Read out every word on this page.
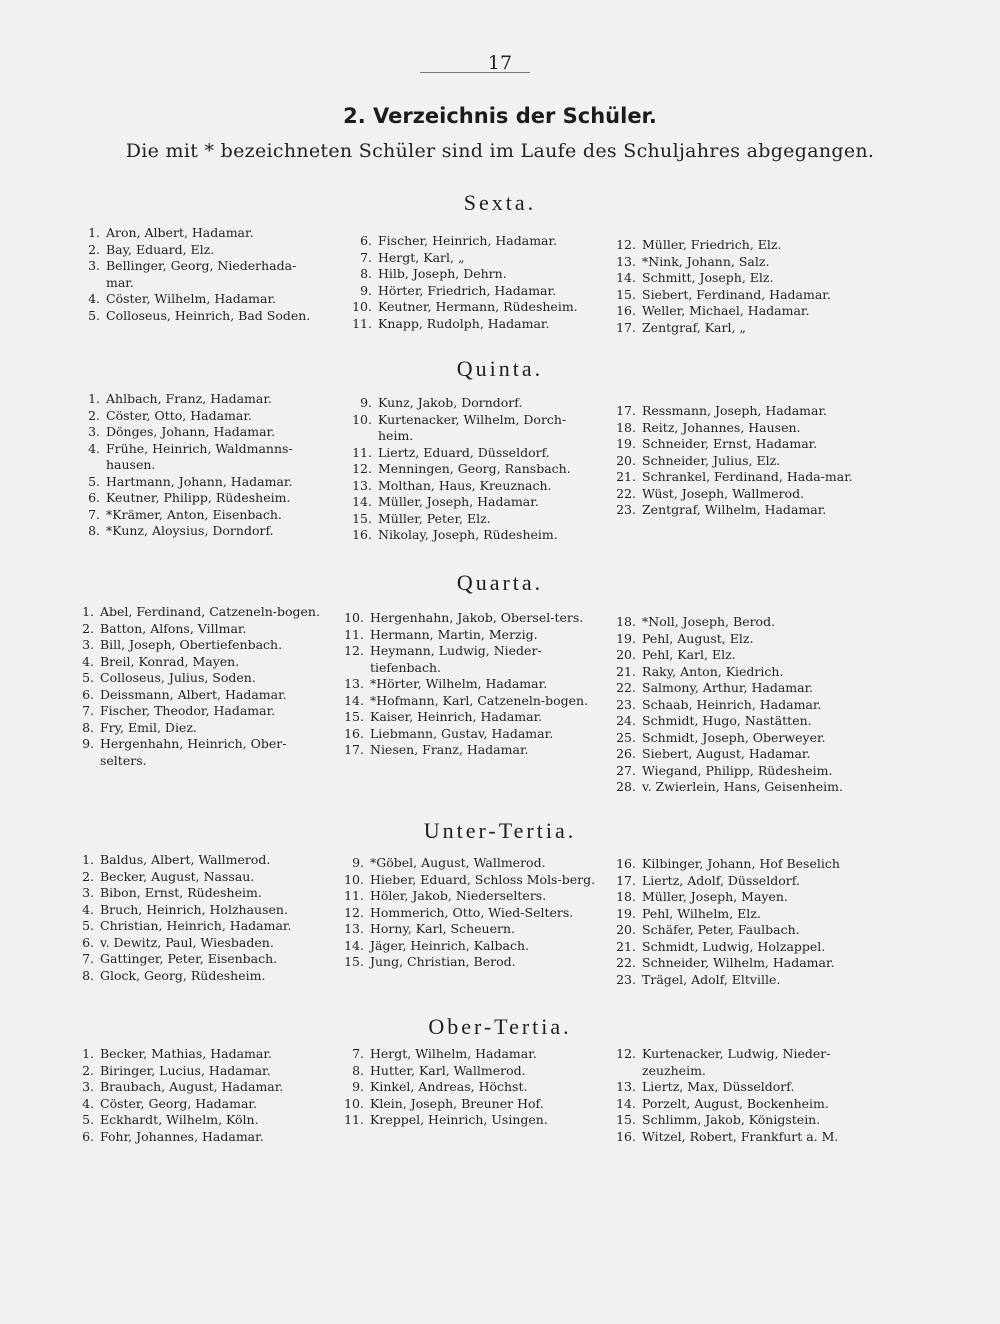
17
2. Verzeichnis der Schüler.
Die mit * bezeichneten Schüler sind im Laufe des Schuljahres abgegangen.
Sexta.
1. Aron, Albert, Hadamar.
2. Bay, Eduard, Elz.
3. Bellinger, Georg, Niederhada-mar.
4. Cöster, Wilhelm, Hadamar.
5. Colloseus, Heinrich, Bad Soden.
6. Fischer, Heinrich, Hadamar.
7. Hergt, Karl, „
8. Hilb, Joseph, Dehrn.
9. Hörter, Friedrich, Hadamar.
10. Keutner, Hermann, Rüdesheim.
11. Knapp, Rudolph, Hadamar.
12. Müller, Friedrich, Elz.
13. *Nink, Johann, Salz.
14. Schmitt, Joseph, Elz.
15. Siebert, Ferdinand, Hadamar.
16. Weller, Michael, Hadamar.
17. Zentgraf, Karl, „
Quinta.
1. Ahlbach, Franz, Hadamar.
2. Cöster, Otto, Hadamar.
3. Dönges, Johann, Hadamar.
4. Frühe, Heinrich, Waldmanns-hausen.
5. Hartmann, Johann, Hadamar.
6. Keutner, Philipp, Rüdesheim.
7. *Krämer, Anton, Eisenbach.
8. *Kunz, Aloysius, Dorndorf.
9. Kunz, Jakob, Dorndorf.
10. Kurtenacker, Wilhelm, Dorch-heim.
11. Liertz, Eduard, Düsseldorf.
12. Menningen, Georg, Ransbach.
13. Molthan, Haus, Kreuznach.
14. Müller, Joseph, Hadamar.
15. Müller, Peter, Elz.
16. Nikolay, Joseph, Rüdesheim.
17. Ressmann, Joseph, Hadamar.
18. Reitz, Johannes, Hausen.
19. Schneider, Ernst, Hadamar.
20. Schneider, Julius, Elz.
21. Schrankel, Ferdinand, Hada-mar.
22. Wüst, Joseph, Wallmerod.
23. Zentgraf, Wilhelm, Hadamar.
Quarta.
1. Abel, Ferdinand, Catzeneln-bogen.
2. Batton, Alfons, Villmar.
3. Bill, Joseph, Obertiefenbach.
4. Breil, Konrad, Mayen.
5. Colloseus, Julius, Soden.
6. Deissmann, Albert, Hadamar.
7. Fischer, Theodor, Hadamar.
8. Fry, Emil, Diez.
9. Hergenhahn, Heinrich, Ober-selters.
10. Hergenhahn, Jakob, Obersel-ters.
11. Hermann, Martin, Merzig.
12. Heymann, Ludwig, Nieder-tiefenbach.
13. *Hörter, Wilhelm, Hadamar.
14. *Hofmann, Karl, Catzeneln-bogen.
15. Kaiser, Heinrich, Hadamar.
16. Liebmann, Gustav, Hadamar.
17. Niesen, Franz, Hadamar.
18. *Noll, Joseph, Berod.
19. Pehl, August, Elz.
20. Pehl, Karl, Elz.
21. Raky, Anton, Kiedrich.
22. Salmony, Arthur, Hadamar.
23. Schaab, Heinrich, Hadamar.
24. Schmidt, Hugo, Nastätten.
25. Schmidt, Joseph, Oberweyer.
26. Siebert, August, Hadamar.
27. Wiegand, Philipp, Rüdesheim.
28. v. Zwierlein, Hans, Geisenheim.
Unter-Tertia.
1. Baldus, Albert, Wallmerod.
2. Becker, August, Nassau.
3. Bibon, Ernst, Rüdesheim.
4. Bruch, Heinrich, Holzhausen.
5. Christian, Heinrich, Hadamar.
6. v. Dewitz, Paul, Wiesbaden.
7. Gattinger, Peter, Eisenbach.
8. Glock, Georg, Rüdesheim.
9. *Göbel, August, Wallmerod.
10. Hieber, Eduard, Schloss Mols-berg.
11. Höler, Jakob, Niederselters.
12. Hommerich, Otto, Wied-Selters.
13. Horny, Karl, Scheuern.
14. Jäger, Heinrich, Kalbach.
15. Jung, Christian, Berod.
16. Kilbinger, Johann, Hof Beselich
17. Liertz, Adolf, Düsseldorf.
18. Müller, Joseph, Mayen.
19. Pehl, Wilhelm, Elz.
20. Schäfer, Peter, Faulbach.
21. Schmidt, Ludwig, Holzappel.
22. Schneider, Wilhelm, Hadamar.
23. Trägel, Adolf, Eltville.
Ober-Tertia.
1. Becker, Mathias, Hadamar.
2. Biringer, Lucius, Hadamar.
3. Braubach, August, Hadamar.
4. Cöster, Georg, Hadamar.
5. Eckhardt, Wilhelm, Köln.
6. Fohr, Johannes, Hadamar.
7. Hergt, Wilhelm, Hadamar.
8. Hutter, Karl, Wallmerod.
9. Kinkel, Andreas, Höchst.
10. Klein, Joseph, Breuner Hof.
11. Kreppel, Heinrich, Usingen.
12. Kurtenacker, Ludwig, Nieder-zeuzheim.
13. Liertz, Max, Düsseldorf.
14. Porzelt, August, Bockenheim.
15. Schlimm, Jakob, Königstein.
16. Witzel, Robert, Frankfurt a. M.
